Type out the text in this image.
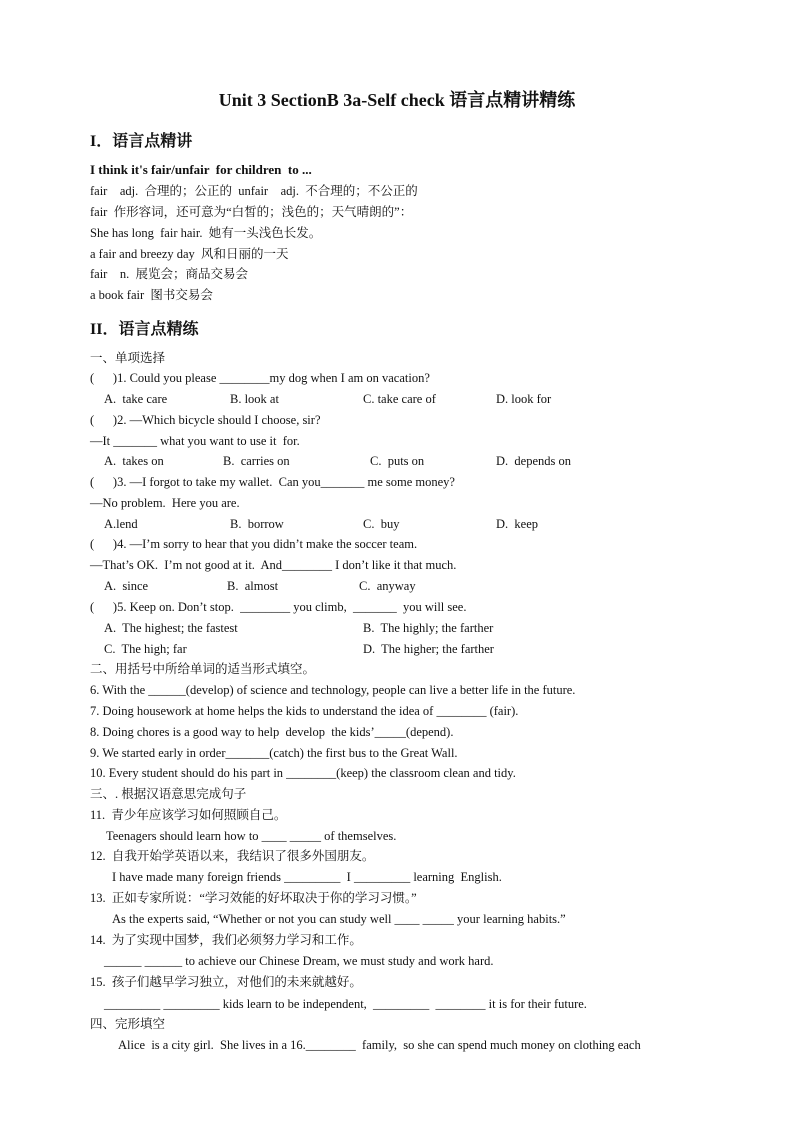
Unit 3 SectionB 3a-Self check 语言点精讲精练
I．语言点精讲
I think it's fair/unfair  for children  to ...
fair    adj.  合理的；公正的  unfair    adj.  不合理的；不公正的
fair  作形容词，还可意为“白皙的；浅色的；天气晴朗的”：
She has long  fair hair.  她有一头浅色长发。
a fair and breezy day  风和日丽的一天
fair    n.  展览会；商品交易会
a book fair  图书交易会
II．语言点精练
一、单项选择
(      )1. Could you please ________my dog when I am on vacation?
A.  take care	B. look at	C. take care of	D. look for
(      )2. —Which bicycle should I choose, sir?
—It _______ what you want to use it  for.
A.  takes on	B.  carries on	C.  puts on	D.  depends on
(      )3. —I forgot to take my wallet.  Can you_______ me some money?
—No problem.  Here you are.
A.lend	B.  borrow	C.  buy	D.  keep
(      )4. —I’m sorry to hear that you didn’t make the soccer team.
—That’s OK.  I’m not good at it.  And________ I don’t like it that much.
A.  since	B.  almost	C.  anyway
(      )5. Keep on. Don’t stop.  ________ you climb,  _______  you will see.
A.  The highest; the fastest	B.  The highly; the farther
C.  The high; far	D.  The higher; the farther
二、用括号中所给单词的适当形式填空。
6. With the ______(develop) of science and technology, people can live a better life in the future.
7. Doing housework at home helps the kids to understand the idea of ________ (fair).
8. Doing chores is a good way to help  develop  the kids’_____(depend).
9. We started early in order_______(catch) the first bus to the Great Wall.
10. Every student should do his part in ________(keep) the classroom clean and tidy.
三、. 根据汉语意思完成句子
11.  青少年应该学习如何照顾自己。
Teenagers should learn how to ____ _____ of themselves.
12.  自我开始学英语以来，我结识了很多外国朋友。
I have made many foreign friends _________  I _________ learning  English.
13.  正如专家所说：“学习效能的好坏取决于你的学习习惯。”
As the experts said, “Whether or not you can study well ____ _____ your learning habits.”
14.  为了实现中国梦，我们必须努力学习和工作。
______ ______ to achieve our Chinese Dream, we must study and work hard.
15.  孩子们越早学习独立，对他们的未来就越好。
_________ _________ kids learn to be independent,  _________  ________ it is for their future.
四、完形填空
Alice  is a city girl.  She lives in a 16.________  family,  so she can spend much money on clothing each
